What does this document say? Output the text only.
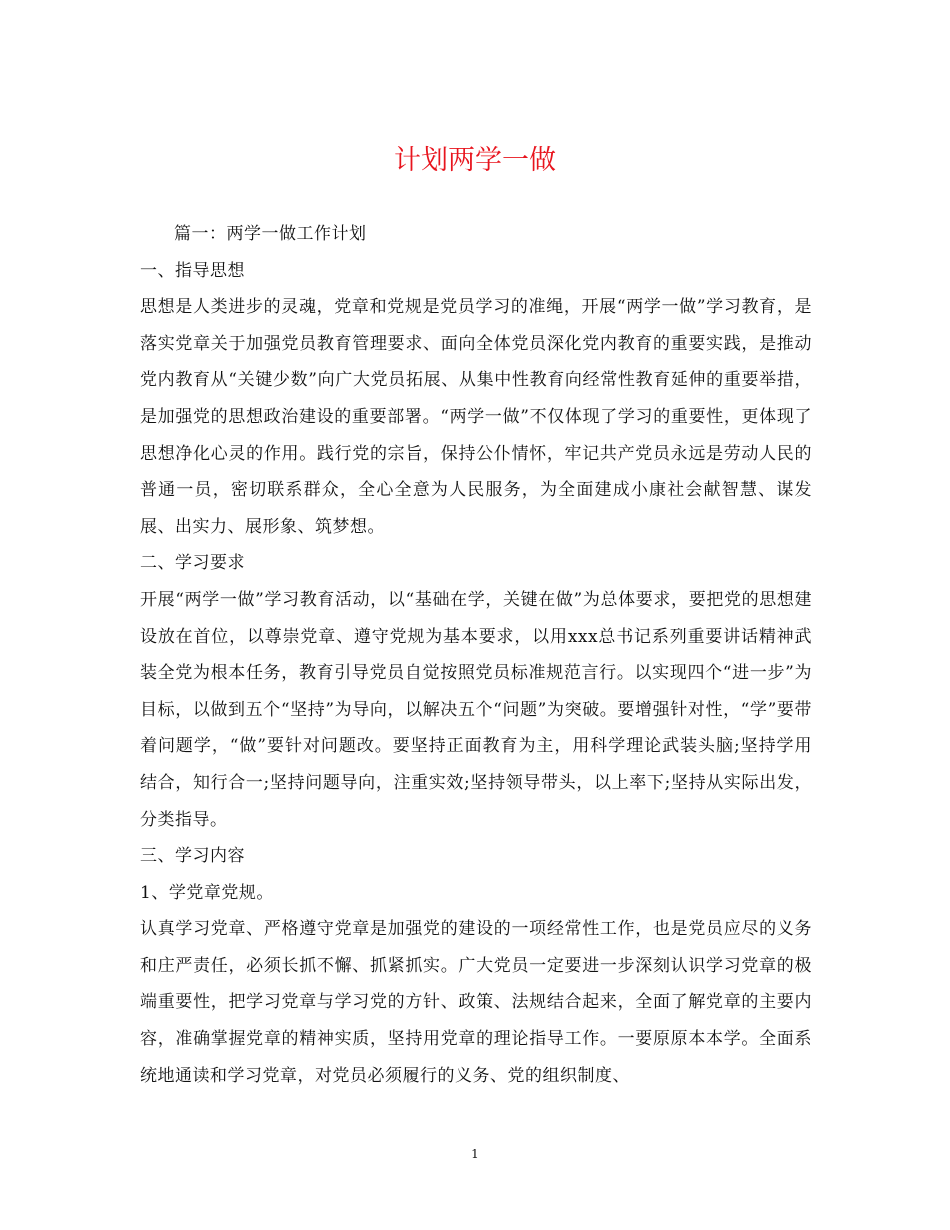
计划两学一做

篇一：两学一做工作计划

一、指导思想

思想是人类进步的灵魂，党章和党规是党员学习的准绳，开展“两学一做”学习教育，是落实党章关于加强党员教育管理要求、面向全体党员深化党内教育的重要实践，是推动党内教育从“关键少数”向广大党员拓展、从集中性教育向经常性教育延伸的重要举措，是加强党的思想政治建设的重要部署。“两学一做”不仅体现了学习的重要性，更体现了思想净化心灵的作用。践行党的宗旨，保持公仆情怀，牢记共产党员永远是劳动人民的普通一员，密切联系群众，全心全意为人民服务，为全面建成小康社会献智慧、谋发展、出实力、展形象、筑梦想。

二、学习要求

开展“两学一做”学习教育活动，以“基础在学，关键在做”为总体要求，要把党的思想建设放在首位，以尊崇党章、遵守党规为基本要求，以用xxx总书记系列重要讲话精神武装全党为根本任务，教育引导党员自觉按照党员标准规范言行。以实现四个“进一步”为目标，以做到五个“坚持”为导向，以解决五个“问题”为突破。要增强针对性，“学”要带着问题学，“做”要针对问题改。要坚持正面教育为主，用科学理论武装头脑;坚持学用结合，知行合一;坚持问题导向，注重实效;坚持领导带头，以上率下;坚持从实际出发，分类指导。

三、学习内容

1、学党章党规。

认真学习党章、严格遵守党章是加强党的建设的一项经常性工作，也是党员应尽的义务和庄严责任，必须长抓不懈、抓紧抓实。广大党员一定要进一步深刻认识学习党章的极端重要性，把学习党章与学习党的方针、政策、法规结合起来，全面了解党章的主要内容，准确掌握党章的精神实质，坚持用党章的理论指导工作。一要原原本本学。全面系统地通读和学习党章，对党员必须履行的义务、党的组织制度、

1
